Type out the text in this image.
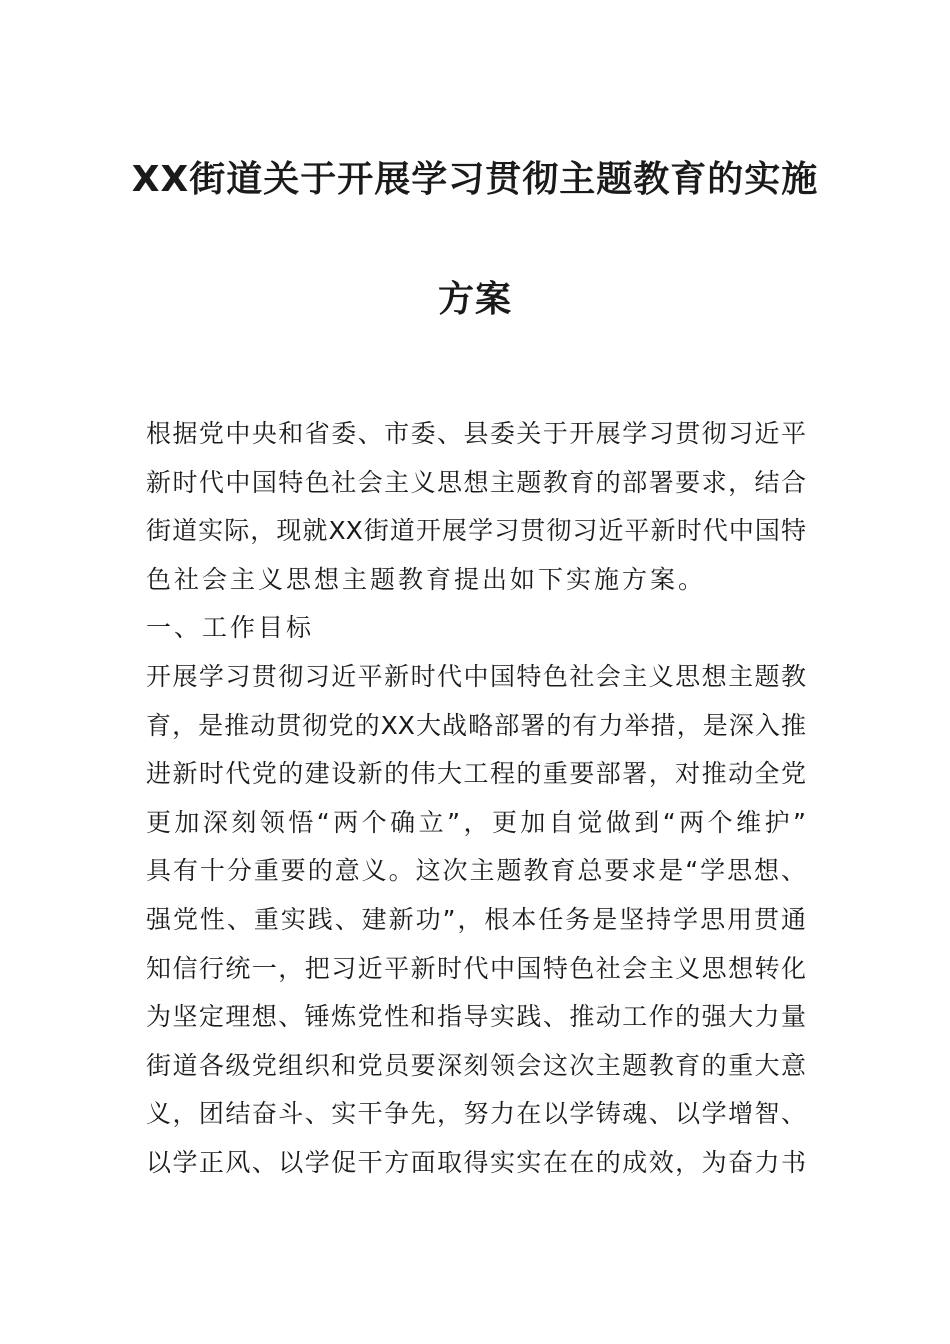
XX街道关于开展学习贯彻主题教育的实施
方案
根据党中央和省委、市委、县委关于开展学习贯彻习近平
新时代中国特色社会主义思想主题教育的部署要求，结合
街道实际，现就XX街道开展学习贯彻习近平新时代中国特
色社会主义思想主题教育提出如下实施方案。
一、工作目标
开展学习贯彻习近平新时代中国特色社会主义思想主题教
育，是推动贯彻党的XX大战略部署的有力举措，是深入推
进新时代党的建设新的伟大工程的重要部署，对推动全党
更加深刻领悟“两个确立”，更加自觉做到“两个维护”
具有十分重要的意义。这次主题教育总要求是“学思想、
强党性、重实践、建新功”，根本任务是坚持学思用贯通
知信行统一，把习近平新时代中国特色社会主义思想转化
为坚定理想、锤炼党性和指导实践、推动工作的强大力量
街道各级党组织和党员要深刻领会这次主题教育的重大意
义，团结奋斗、实干争先，努力在以学铸魂、以学增智、
以学正风、以学促干方面取得实实在在的成效，为奋力书
